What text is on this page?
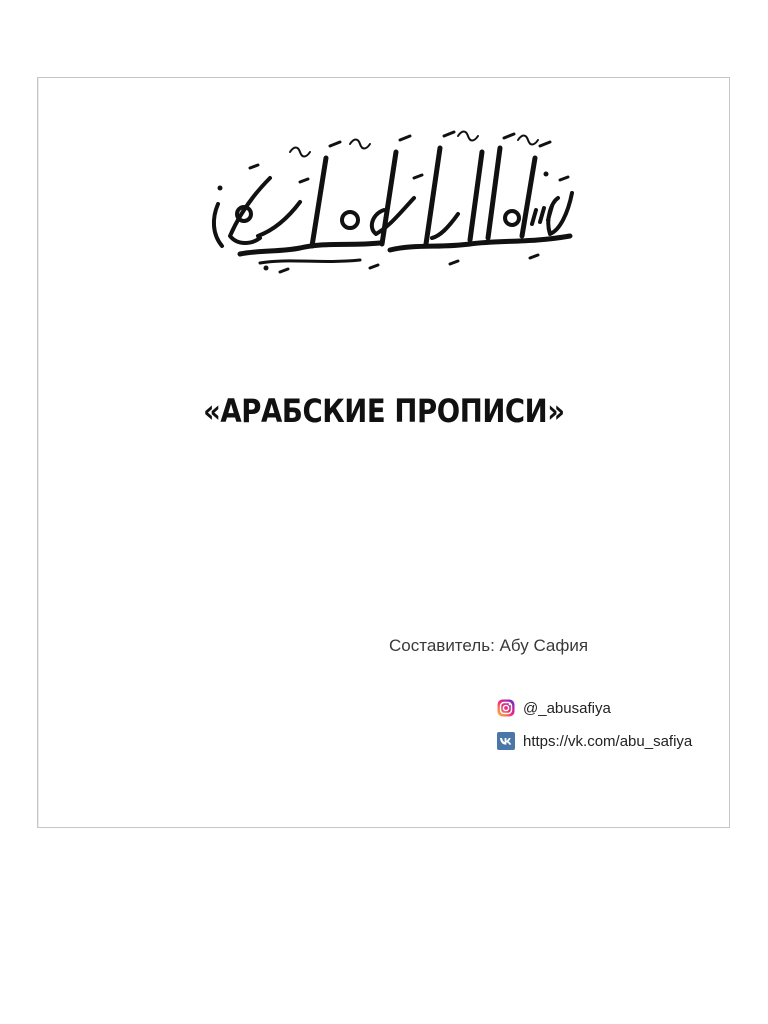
«АРАБСКИЕ ПРОПИСИ»
Составитель: Абу Сафия
@_abusafiya
https://vk.com/abu_safiya
